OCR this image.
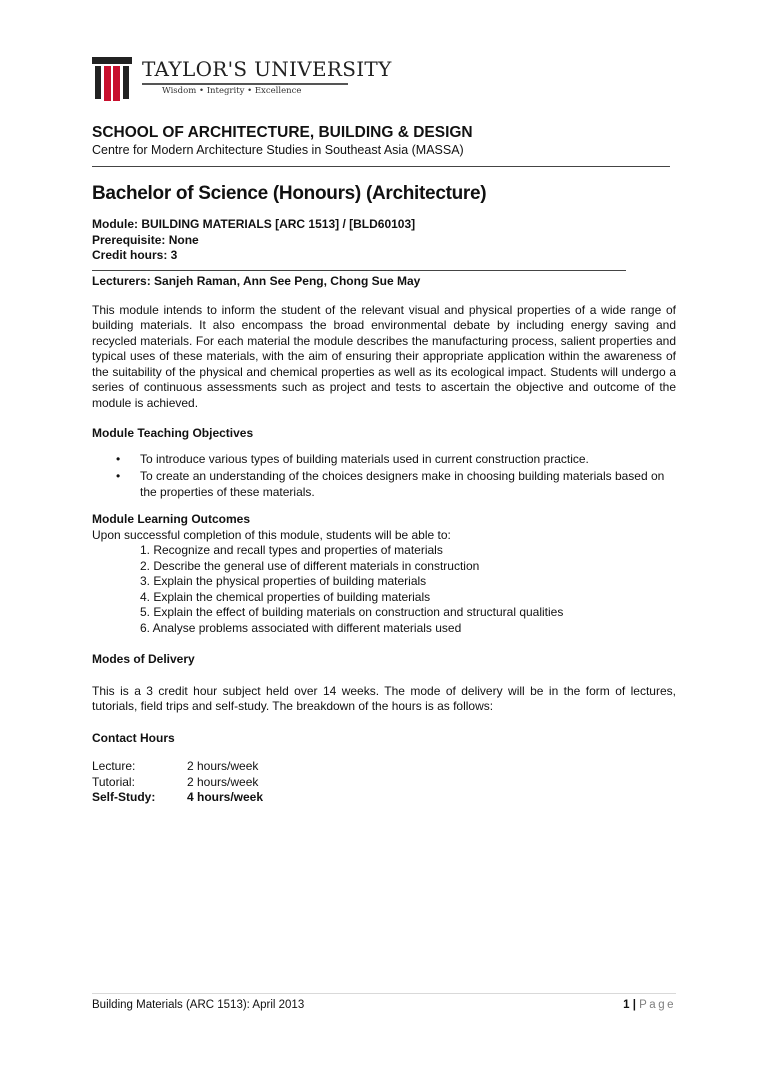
TAYLOR'S UNIVERSITY
Wisdom • Integrity • Excellence

SCHOOL OF ARCHITECTURE, BUILDING & DESIGN

Centre for Modern Architecture Studies in Southeast Asia (MASSA)

Bachelor of Science (Honours) (Architecture)

Module: BUILDING MATERIALS [ARC 1513] / [BLD60103]
Prerequisite: None
Credit hours: 3
Lecturers: Sanjeh Raman, Ann See Peng, Chong Sue May

This module intends to inform the student of the relevant visual and physical properties of a wide range of building materials. It also encompass the broad environmental debate by including energy saving and recycled materials. For each material the module describes the manufacturing process, salient properties and typical uses of these materials, with the aim of ensuring their appropriate application within the awareness of the suitability of the physical and chemical properties as well as its ecological impact. Students will undergo a series of continuous assessments such as project and tests to ascertain the objective and outcome of the module is achieved.

Module Teaching Objectives

• To introduce various types of building materials used in current construction practice.
• To create an understanding of the choices designers make in choosing building materials based on the properties of these materials.

Module Learning Outcomes

Upon successful completion of this module, students will be able to:

1. Recognize and recall types and properties of materials
2. Describe the general use of different materials in construction
3. Explain the physical properties of building materials
4. Explain the chemical properties of building materials
5. Explain the effect of building materials on construction and structural qualities
6. Analyse problems associated with different materials used

Modes of Delivery

This is a 3 credit hour subject held over 14 weeks. The mode of delivery will be in the form of lectures, tutorials, field trips and self-study. The breakdown of the hours is as follows:

Contact Hours

Lecture:	2 hours/week
Tutorial:	2 hours/week
Self-Study:	4 hours/week
Building Materials (ARC 1513): April 2013	1 | Page
